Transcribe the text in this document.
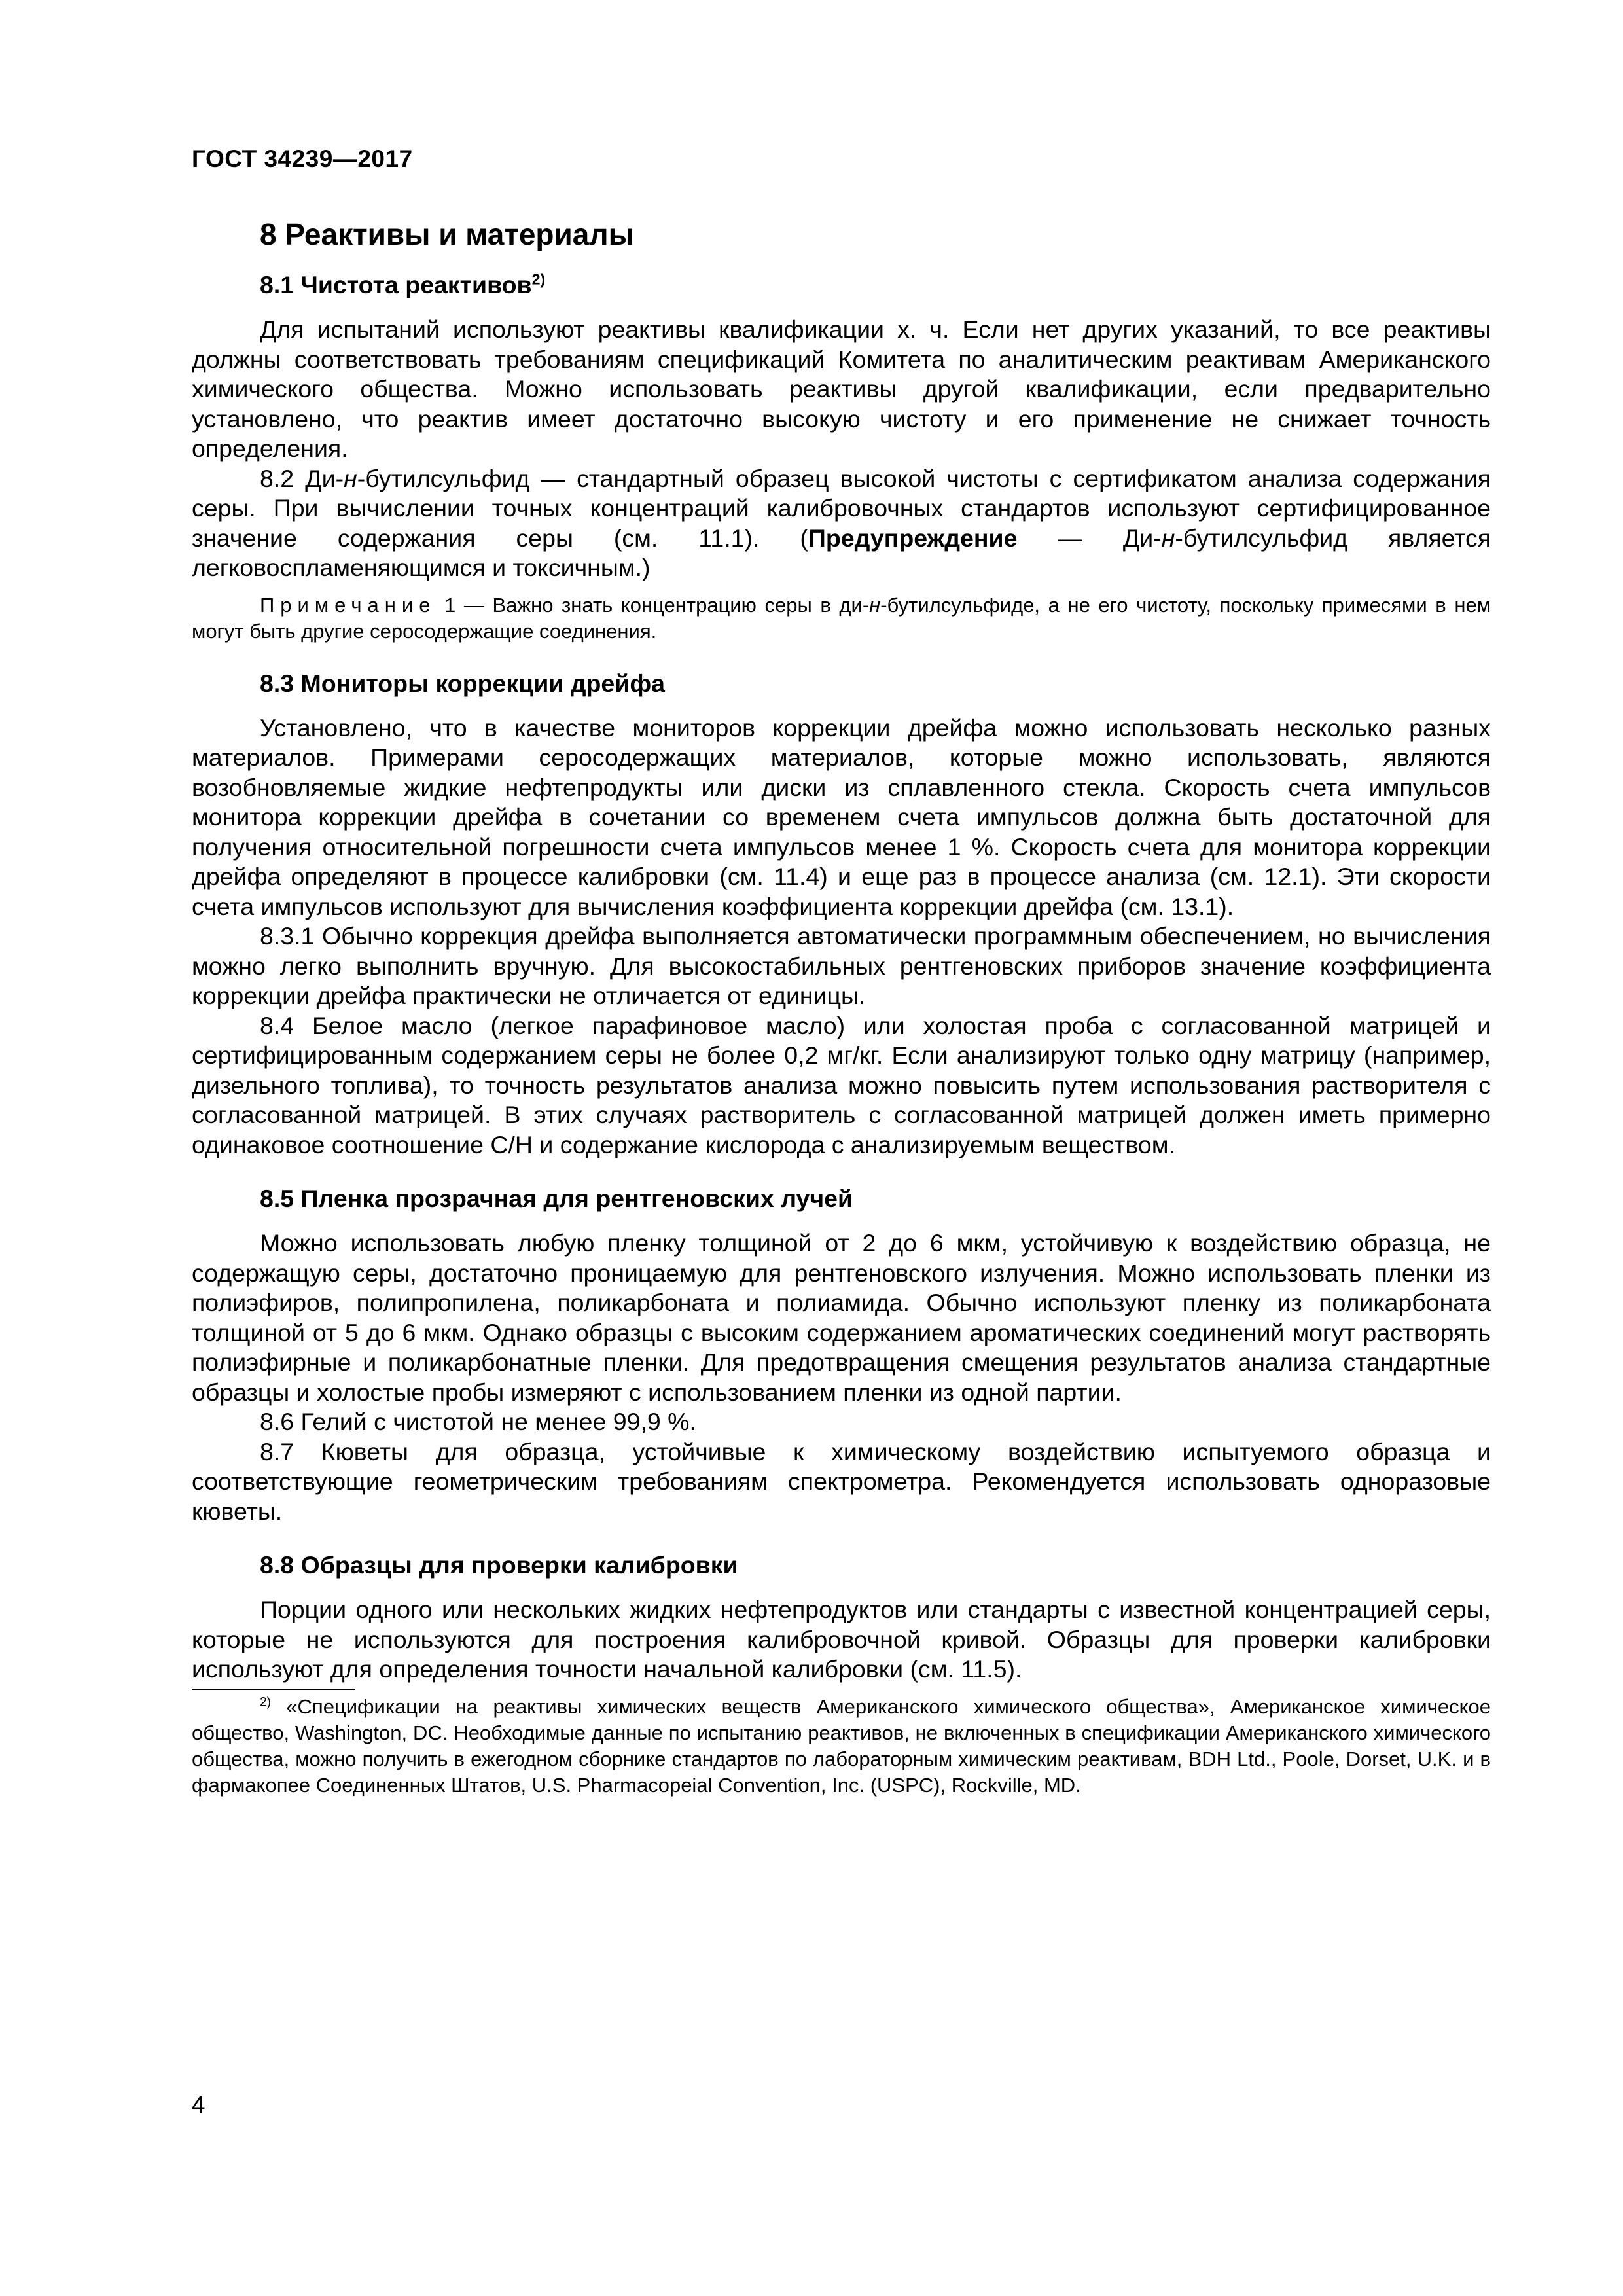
ГОСТ 34239—2017
8 Реактивы и материалы
8.1 Чистота реактивов$^{2)}$

Для испытаний используют реактивы квалификации х. ч. Если нет других указаний, то все реактивы должны соответствовать требованиям спецификаций Комитета по аналитическим реактивам Американского химического общества. Можно использовать реактивы другой квалификации, если предварительно установлено, что реактив имеет достаточно высокую чистоту и его применение не снижает точность определения.

8.2 Ди-н-бутилсульфид — стандартный образец высокой чистоты с сертификатом анализа содержания серы. При вычислении точных концентраций калибровочных стандартов используют сертифицированное значение содержания серы (см. 11.1). (Предупреждение — Ди-н-бутилсульфид является легковоспламеняющимся и токсичным.)

Примечание 1 — Важно знать концентрацию серы в ди-н-бутилсульфиде, а не его чистоту, поскольку примесями в нем могут быть другие серосодержащие соединения.

8.3 Мониторы коррекции дрейфа

Установлено, что в качестве мониторов коррекции дрейфа можно использовать несколько разных материалов. Примерами серосодержащих материалов, которые можно использовать, являются возобновляемые жидкие нефтепродукты или диски из сплавленного стекла. Скорость счета импульсов монитора коррекции дрейфа в сочетании со временем счета импульсов должна быть достаточной для получения относительной погрешности счета импульсов менее 1 %. Скорость счета для монитора коррекции дрейфа определяют в процессе калибровки (см. 11.4) и еще раз в процессе анализа (см. 12.1). Эти скорости счета импульсов используют для вычисления коэффициента коррекции дрейфа (см. 13.1).

8.3.1 Обычно коррекция дрейфа выполняется автоматически программным обеспечением, но вычисления можно легко выполнить вручную. Для высокостабильных рентгеновских приборов значение коэффициента коррекции дрейфа практически не отличается от единицы.

8.4 Белое масло (легкое парафиновое масло) или холостая проба с согласованной матрицей и сертифицированным содержанием серы не более 0,2 мг/кг. Если анализируют только одну матрицу (например, дизельного топлива), то точность результатов анализа можно повысить путем использования растворителя с согласованной матрицей. В этих случаях растворитель с согласованной матрицей должен иметь примерно одинаковое соотношение С/Н и содержание кислорода с анализируемым веществом.

8.5 Пленка прозрачная для рентгеновских лучей

Можно использовать любую пленку толщиной от 2 до 6 мкм, устойчивую к воздействию образца, не содержащую серы, достаточно проницаемую для рентгеновского излучения. Можно использовать пленки из полиэфиров, полипропилена, поликарбоната и полиамида. Обычно используют пленку из поликарбоната толщиной от 5 до 6 мкм. Однако образцы с высоким содержанием ароматических соединений могут растворять полиэфирные и поликарбонатные пленки. Для предотвращения смещения результатов анализа стандартные образцы и холостые пробы измеряют с использованием пленки из одной партии.

8.6 Гелий с чистотой не менее 99,9 %.

8.7 Кюветы для образца, устойчивые к химическому воздействию испытуемого образца и соответствующие геометрическим требованиям спектрометра. Рекомендуется использовать одноразовые кюветы.

8.8 Образцы для проверки калибровки

Порции одного или нескольких жидких нефтепродуктов или стандарты с известной концентрацией серы, которые не используются для построения калибровочной кривой. Образцы для проверки калибровки используют для определения точности начальной калибровки (см. 11.5).

$^{2)}$ «Спецификации на реактивы химических веществ Американского химического общества», Американское химическое общество, Washington, DC. Необходимые данные по испытанию реактивов, не включенных в спецификации Американского химического общества, можно получить в ежегодном сборнике стандартов по лабораторным химическим реактивам, BDH Ltd., Poole, Dorset, U.K. и в фармакопее Соединенных Штатов, U.S. Pharmacopeial Convention, Inc. (USPC), Rockville, MD.

4
